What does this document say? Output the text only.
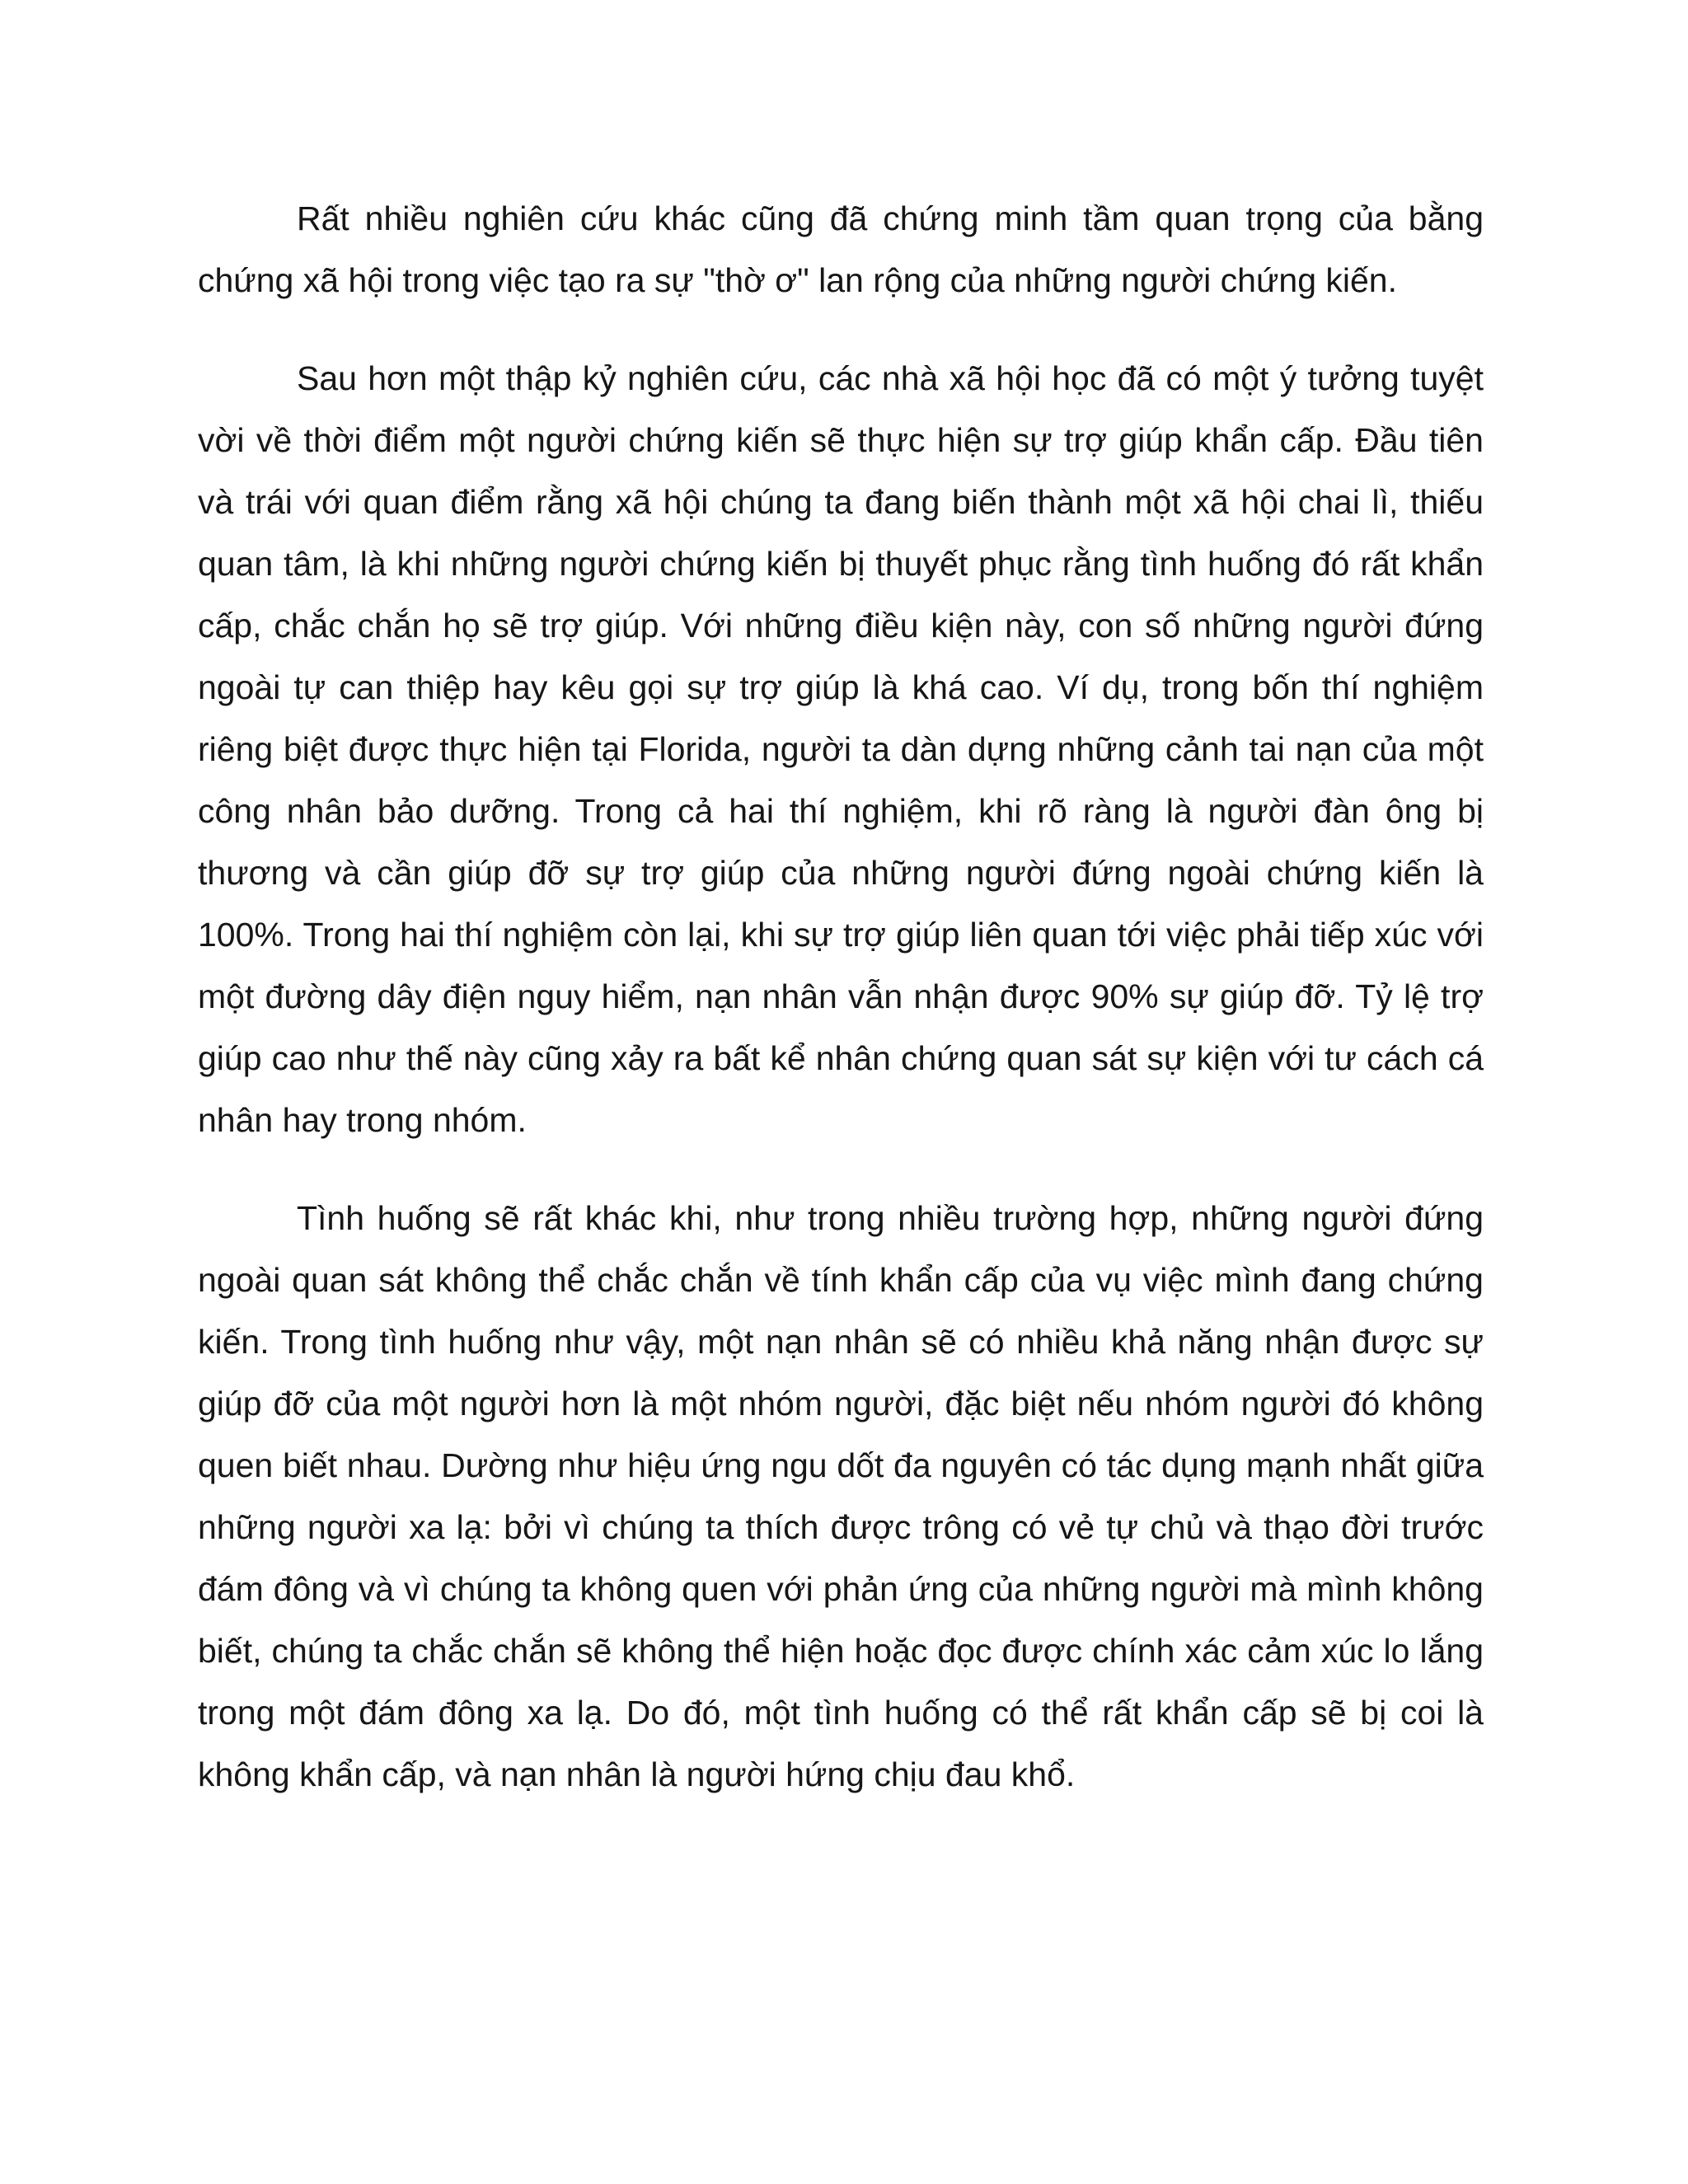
Rất nhiều nghiên cứu khác cũng đã chứng minh tầm quan trọng của bằng chứng xã hội trong việc tạo ra sự "thờ ơ" lan rộng của những người chứng kiến.

Sau hơn một thập kỷ nghiên cứu, các nhà xã hội học đã có một ý tưởng tuyệt vời về thời điểm một người chứng kiến sẽ thực hiện sự trợ giúp khẩn cấp. Đầu tiên và trái với quan điểm rằng xã hội chúng ta đang biến thành một xã hội chai lì, thiếu quan tâm, là khi những người chứng kiến bị thuyết phục rằng tình huống đó rất khẩn cấp, chắc chắn họ sẽ trợ giúp. Với những điều kiện này, con số những người đứng ngoài tự can thiệp hay kêu gọi sự trợ giúp là khá cao. Ví dụ, trong bốn thí nghiệm riêng biệt được thực hiện tại Florida, người ta dàn dựng những cảnh tai nạn của một công nhân bảo dưỡng. Trong cả hai thí nghiệm, khi rõ ràng là người đàn ông bị thương và cần giúp đỡ sự trợ giúp của những người đứng ngoài chứng kiến là 100%. Trong hai thí nghiệm còn lại, khi sự trợ giúp liên quan tới việc phải tiếp xúc với một đường dây điện nguy hiểm, nạn nhân vẫn nhận được 90% sự giúp đỡ. Tỷ lệ trợ giúp cao như thế này cũng xảy ra bất kể nhân chứng quan sát sự kiện với tư cách cá nhân hay trong nhóm.

Tình huống sẽ rất khác khi, như trong nhiều trường hợp, những người đứng ngoài quan sát không thể chắc chắn về tính khẩn cấp của vụ việc mình đang chứng kiến. Trong tình huống như vậy, một nạn nhân sẽ có nhiều khả năng nhận được sự giúp đỡ của một người hơn là một nhóm người, đặc biệt nếu nhóm người đó không quen biết nhau. Dường như hiệu ứng ngu dốt đa nguyên có tác dụng mạnh nhất giữa những người xa lạ: bởi vì chúng ta thích được trông có vẻ tự chủ và thạo đời trước đám đông và vì chúng ta không quen với phản ứng của những người mà mình không biết, chúng ta chắc chắn sẽ không thể hiện hoặc đọc được chính xác cảm xúc lo lắng trong một đám đông xa lạ. Do đó, một tình huống có thể rất khẩn cấp sẽ bị coi là không khẩn cấp, và nạn nhân là người hứng chịu đau khổ.
